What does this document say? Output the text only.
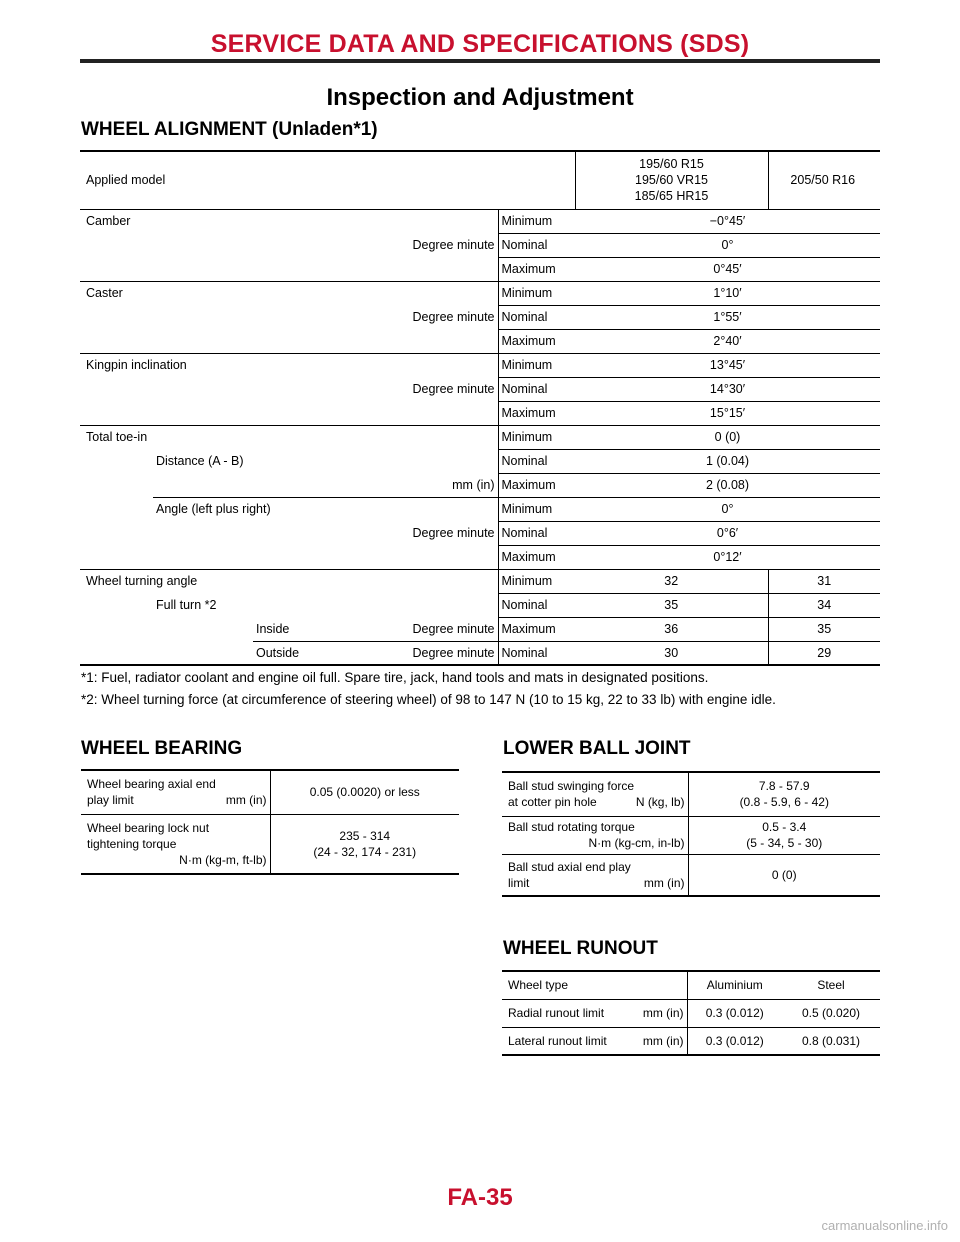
SERVICE DATA AND SPECIFICATIONS (SDS)
Inspection and Adjustment
WHEEL ALIGNMENT (Unladen*1)
Applied model				195/60 R15
195/60 VR15
185/65 HR15	205/50 R16
Camber			Minimum	−0°45′	
Degree minute			Nominal	0°	
			Maximum	0°45′	
Caster			Minimum	1°10′	
Degree minute			Nominal	1°55′	
			Maximum	2°40′	
Kingpin inclination			Minimum	13°45′	
Degree minute			Nominal	14°30′	
			Maximum	15°15′	
Total toe-in			Minimum	0 (0)	
	Distance (A - B)		Nominal	1 (0.04)	
	mm (in)		Maximum	2 (0.08)	
	Angle (left plus right)		Minimum	0°	
	Degree minute		Nominal	0°6′	
			Maximum	0°12′	
Wheel turning angle			Minimum	32	31
	Full turn *2		Nominal	35	34

		Inside Degree minute	Maximum	36	35

		Outside Degree minute	Nominal	30	29
*1: Fuel, radiator coolant and engine oil full. Spare tire, jack, hand tools and mats in designated positions.
*2: Wheel turning force (at circumference of steering wheel) of 98 to 147 N (10 to 15 kg, 22 to 33 lb) with engine idle.
WHEEL BEARING
Wheel bearing axial end
play limit mm (in)	0.05 (0.0020) or less
Wheel bearing lock nut
tightening torque
N·m (kg-m, ft-lb)	235 - 314
(24 - 32, 174 - 231)
LOWER BALL JOINT
Ball stud swinging force
at cotter pin hole N (kg, lb)	7.8 - 57.9
(0.8 - 5.9, 6 - 42)
Ball stud rotating torque
N·m (kg-cm, in-lb)	0.5 - 3.4
(5 - 34, 5 - 30)
Ball stud axial end play
limit mm (in)	0 (0)
WHEEL RUNOUT
Wheel type	Aluminium	Steel

Radial runout limit mm (in)	0.3 (0.012)	0.5 (0.020)

Lateral runout limit mm (in)	0.3 (0.012)	0.8 (0.031)
FA-35
carmanualsonline.info
